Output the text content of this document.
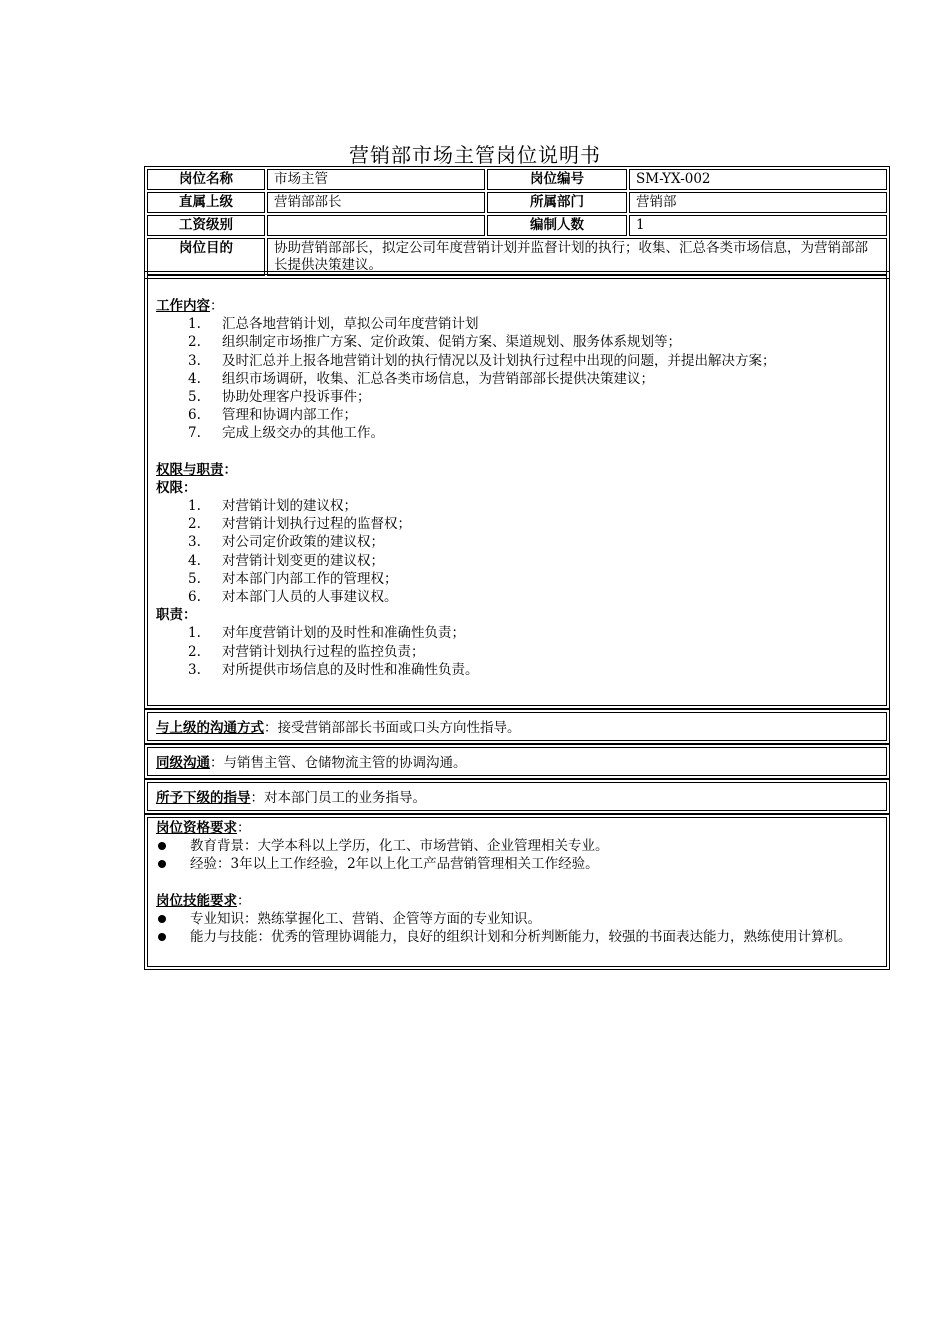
营销部市场主管岗位说明书
岗位名称	市场主管	岗位编号	SM-YX-002
直属上级	营销部部长	所属部门	营销部
工资级别		编制人数	1
岗位目的	协助营销部部长，拟定公司年度营销计划并监督计划的执行；收集、汇总各类市场信息，为营销部部长提供决策建议。		
工作内容：
1.	汇总各地营销计划，草拟公司年度营销计划
2.	组织制定市场推广方案、定价政策、促销方案、渠道规划、服务体系规划等；
3.	及时汇总并上报各地营销计划的执行情况以及计划执行过程中出现的问题，并提出解决方案；
4.	组织市场调研，收集、汇总各类市场信息，为营销部部长提供决策建议；
5.	协助处理客户投诉事件；
6.	管理和协调内部工作；
7.	完成上级交办的其他工作。
权限与职责：
权限：
1.	对营销计划的建议权；
2.	对营销计划执行过程的监督权；
3.	对公司定价政策的建议权；
4.	对营销计划变更的建议权；
5.	对本部门内部工作的管理权；
6.	对本部门人员的人事建议权。
职责：
1.	对年度营销计划的及时性和准确性负责；
2.	对营销计划执行过程的监控负责；
3.	对所提供市场信息的及时性和准确性负责。
与上级的沟通方式：接受营销部部长书面或口头方向性指导。
同级沟通：与销售主管、仓储物流主管的协调沟通。
所予下级的指导：对本部门员工的业务指导。
岗位资格要求：
教育背景：大学本科以上学历，化工、市场营销、企业管理相关专业。
经验：3年以上工作经验，2年以上化工产品营销管理相关工作经验。
岗位技能要求：
专业知识：熟练掌握化工、营销、企管等方面的专业知识。
能力与技能：优秀的管理协调能力，良好的组织计划和分析判断能力，较强的书面表达能力，熟练使用计算机。
